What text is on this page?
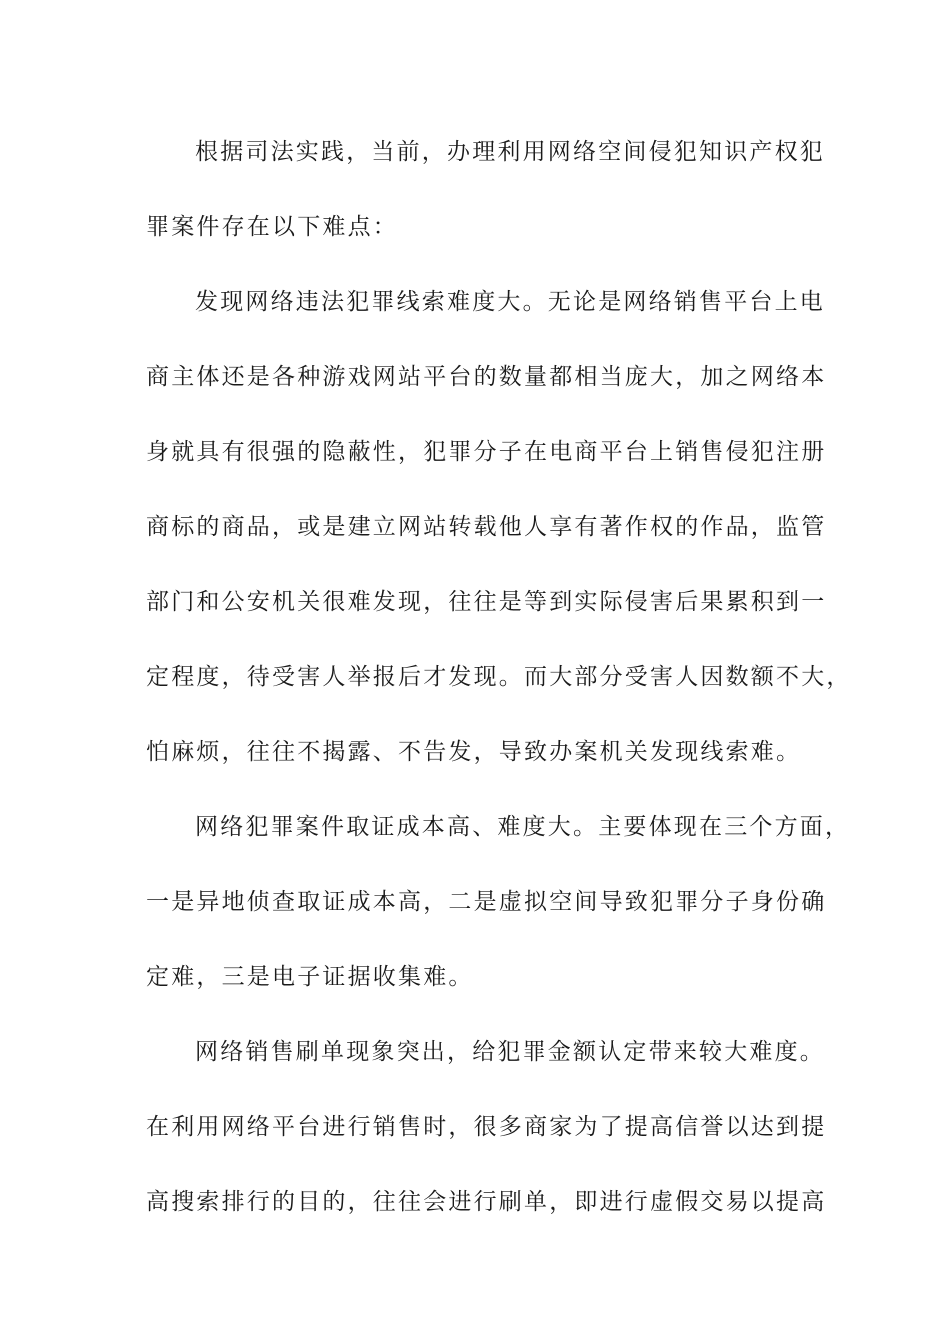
根据司法实践，当前，办理利用网络空间侵犯知识产权犯
罪案件存在以下难点：
发现网络违法犯罪线索难度大。无论是网络销售平台上电
商主体还是各种游戏网站平台的数量都相当庞大，加之网络本
身就具有很强的隐蔽性，犯罪分子在电商平台上销售侵犯注册
商标的商品，或是建立网站转载他人享有著作权的作品，监管
部门和公安机关很难发现，往往是等到实际侵害后果累积到一
定程度，待受害人举报后才发现。而大部分受害人因数额不大，
怕麻烦，往往不揭露、不告发，导致办案机关发现线索难。
网络犯罪案件取证成本高、难度大。主要体现在三个方面，
一是异地侦查取证成本高，二是虚拟空间导致犯罪分子身份确
定难，三是电子证据收集难。
网络销售刷单现象突出，给犯罪金额认定带来较大难度。
在利用网络平台进行销售时，很多商家为了提高信誉以达到提
高搜索排行的目的，往往会进行刷单，即进行虚假交易以提高
